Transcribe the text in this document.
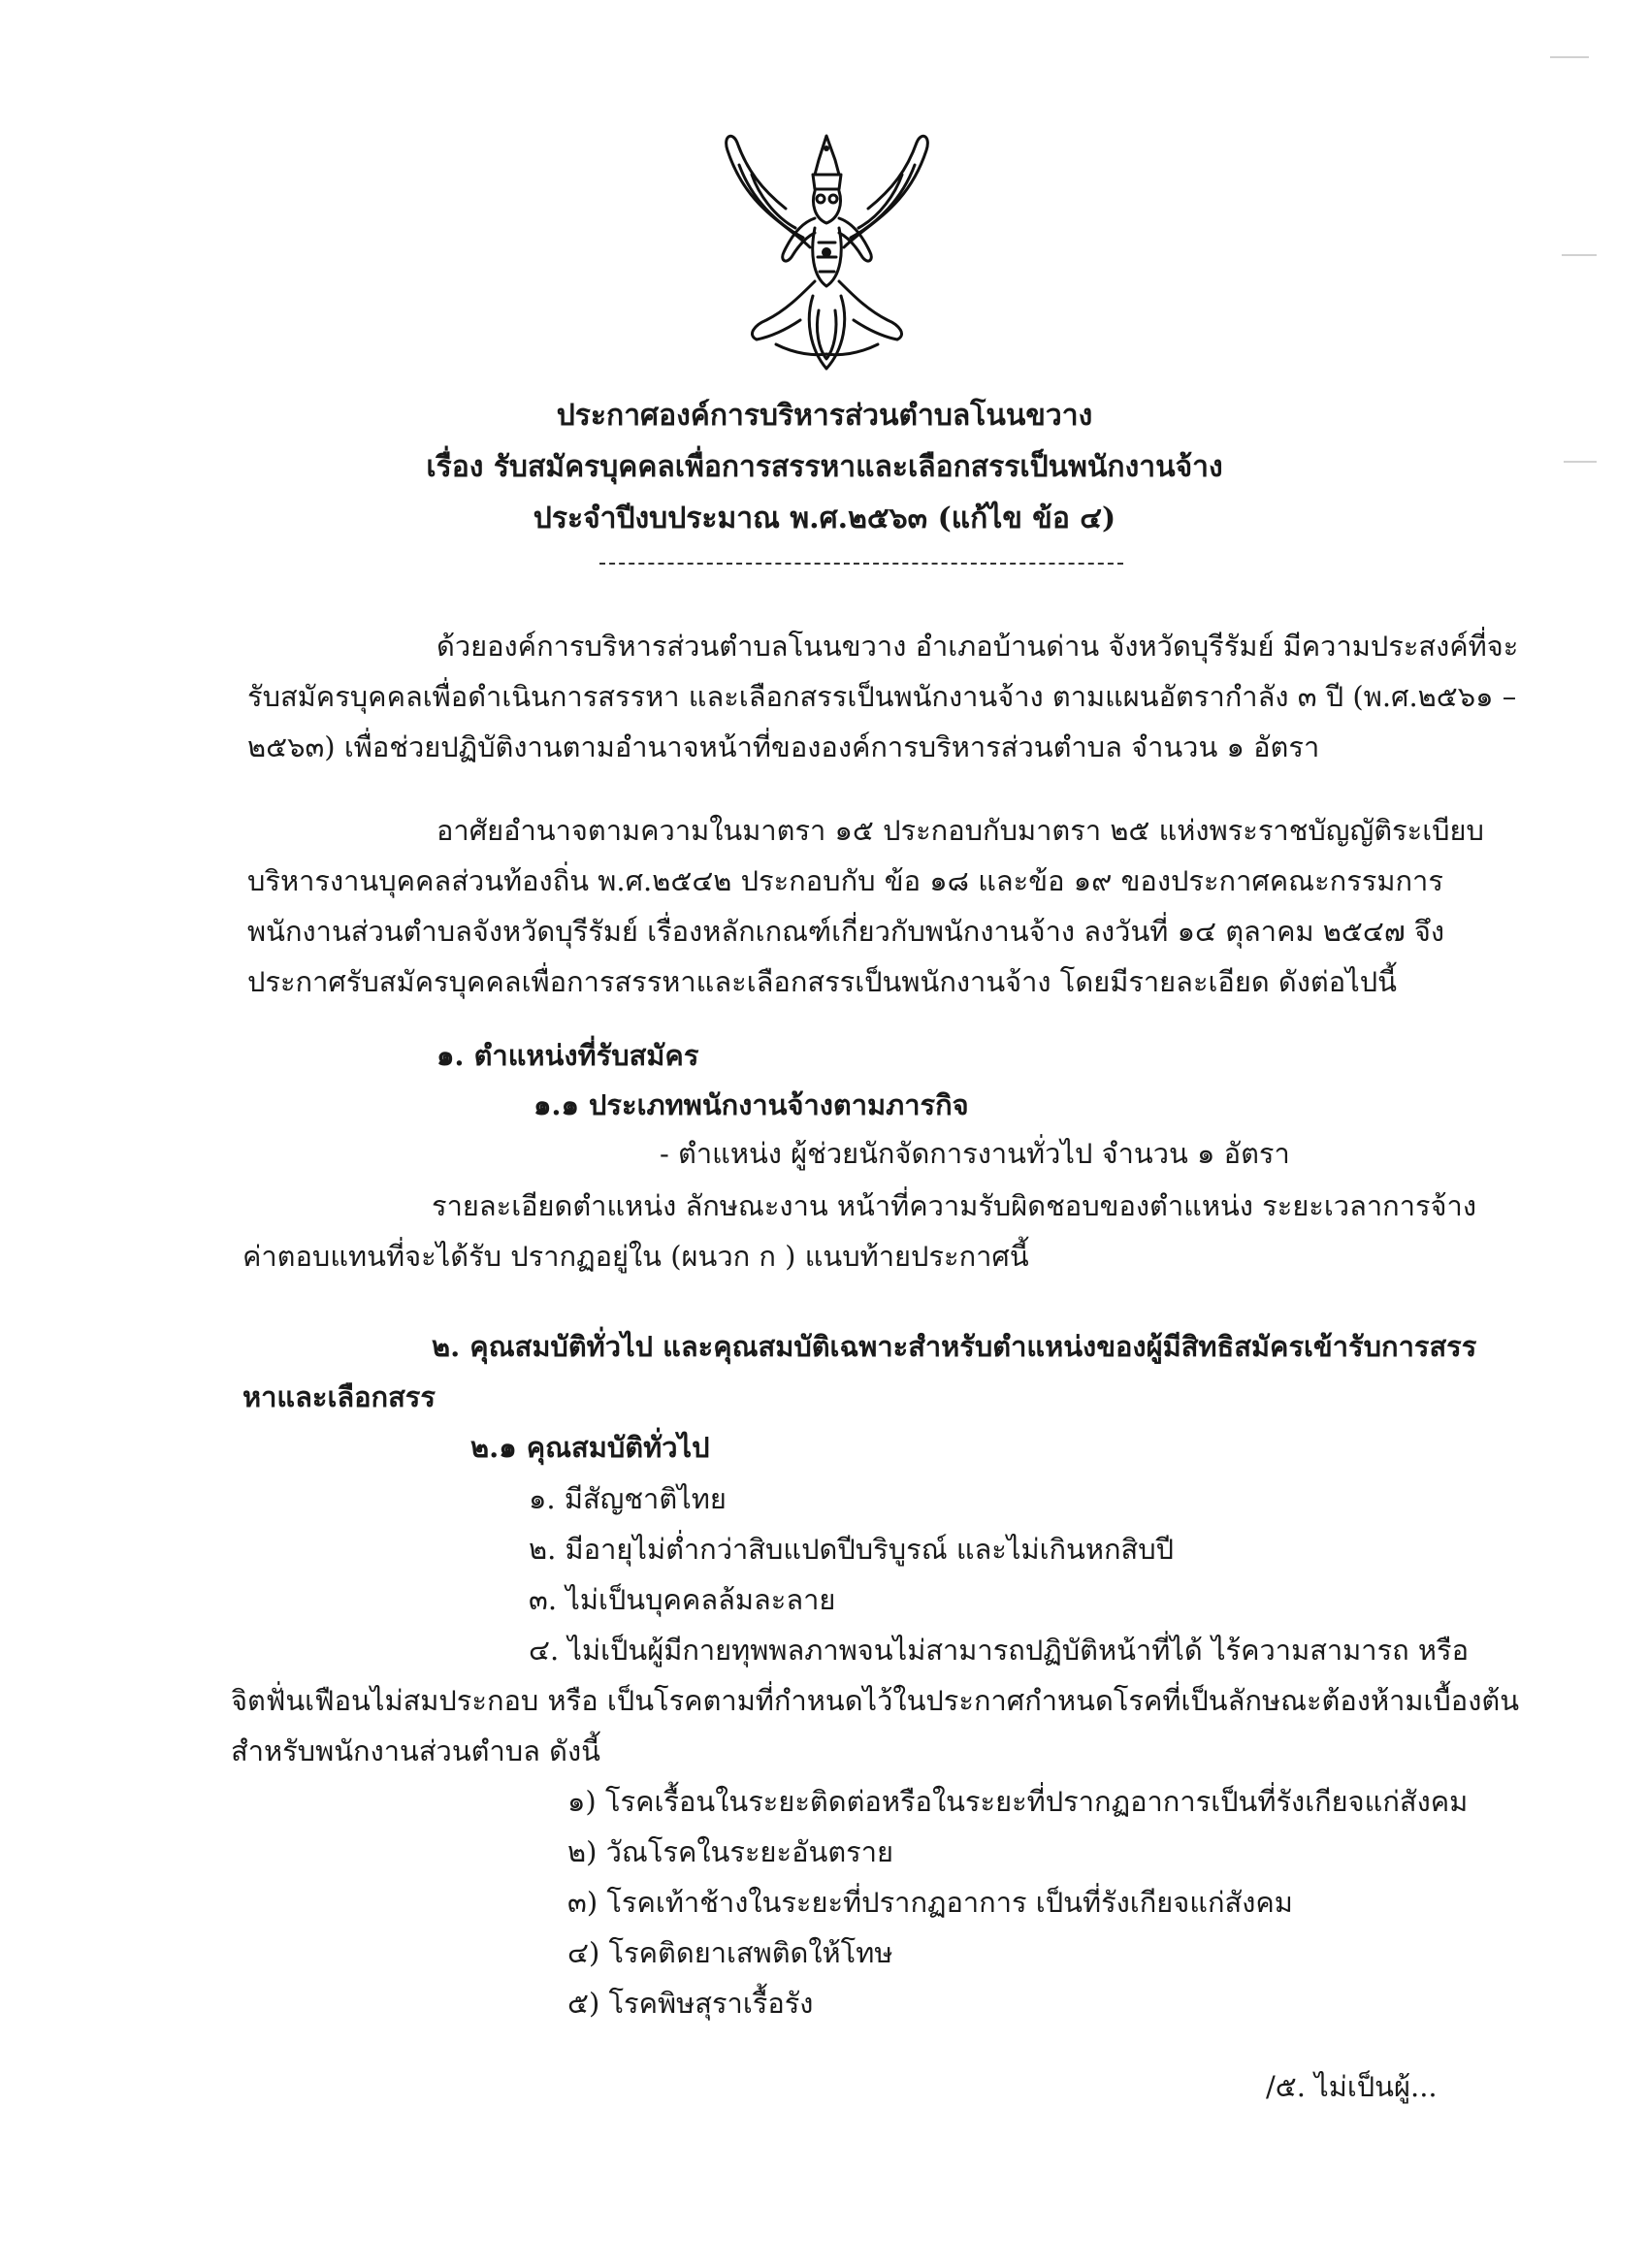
ประกาศองค์การบริหารส่วนตำบลโนนขวาง
เรื่อง รับสมัครบุคคลเพื่อการสรรหาและเลือกสรรเป็นพนักงานจ้าง
ประจำปีงบประมาณ พ.ศ.๒๕๖๓ (แก้ไข ข้อ ๔)
ด้วยองค์การบริหารส่วนตำบลโนนขวาง อำเภอบ้านด่าน จังหวัดบุรีรัมย์ มีความประสงค์ที่จะ
รับสมัครบุคคลเพื่อดำเนินการสรรหา และเลือกสรรเป็นพนักงานจ้าง ตามแผนอัตรากำลัง ๓ ปี (พ.ศ.๒๕๖๑ –
๒๕๖๓) เพื่อช่วยปฏิบัติงานตามอำนาจหน้าที่ขององค์การบริหารส่วนตำบล จำนวน ๑ อัตรา
อาศัยอำนาจตามความในมาตรา ๑๕ ประกอบกับมาตรา ๒๕ แห่งพระราชบัญญัติระเบียบ
บริหารงานบุคคลส่วนท้องถิ่น พ.ศ.๒๕๔๒ ประกอบกับ ข้อ ๑๘ และข้อ ๑๙ ของประกาศคณะกรรมการ
พนักงานส่วนตำบลจังหวัดบุรีรัมย์ เรื่องหลักเกณฑ์เกี่ยวกับพนักงานจ้าง ลงวันที่ ๑๔ ตุลาคม ๒๕๔๗ จึง
ประกาศรับสมัครบุคคลเพื่อการสรรหาและเลือกสรรเป็นพนักงานจ้าง โดยมีรายละเอียด ดังต่อไปนี้
๑. ตำแหน่งที่รับสมัคร
๑.๑ ประเภทพนักงานจ้างตามภารกิจ
- ตำแหน่ง ผู้ช่วยนักจัดการงานทั่วไป จำนวน ๑ อัตรา
รายละเอียดตำแหน่ง ลักษณะงาน หน้าที่ความรับผิดชอบของตำแหน่ง ระยะเวลาการจ้าง
ค่าตอบแทนที่จะได้รับ ปรากฏอยู่ใน (ผนวก ก ) แนบท้ายประกาศนี้
๒. คุณสมบัติทั่วไป และคุณสมบัติเฉพาะสำหรับตำแหน่งของผู้มีสิทธิสมัครเข้ารับการสรร
หาและเลือกสรร
๒.๑ คุณสมบัติทั่วไป
๑. มีสัญชาติไทย
๒. มีอายุไม่ต่ำกว่าสิบแปดปีบริบูรณ์ และไม่เกินหกสิบปี
๓. ไม่เป็นบุคคลล้มละลาย
๔. ไม่เป็นผู้มีกายทุพพลภาพจนไม่สามารถปฏิบัติหน้าที่ได้ ไร้ความสามารถ หรือ
จิตฟั่นเฟือนไม่สมประกอบ หรือ เป็นโรคตามที่กำหนดไว้ในประกาศกำหนดโรคที่เป็นลักษณะต้องห้ามเบื้องต้น
สำหรับพนักงานส่วนตำบล ดังนี้
๑) โรคเรื้อนในระยะติดต่อหรือในระยะที่ปรากฏอาการเป็นที่รังเกียจแก่สังคม
๒) วัณโรคในระยะอันตราย
๓) โรคเท้าช้างในระยะที่ปรากฏอาการ เป็นที่รังเกียจแก่สังคม
๔) โรคติดยาเสพติดให้โทษ
๕) โรคพิษสุราเรื้อรัง
/๕. ไม่เป็นผู้...
